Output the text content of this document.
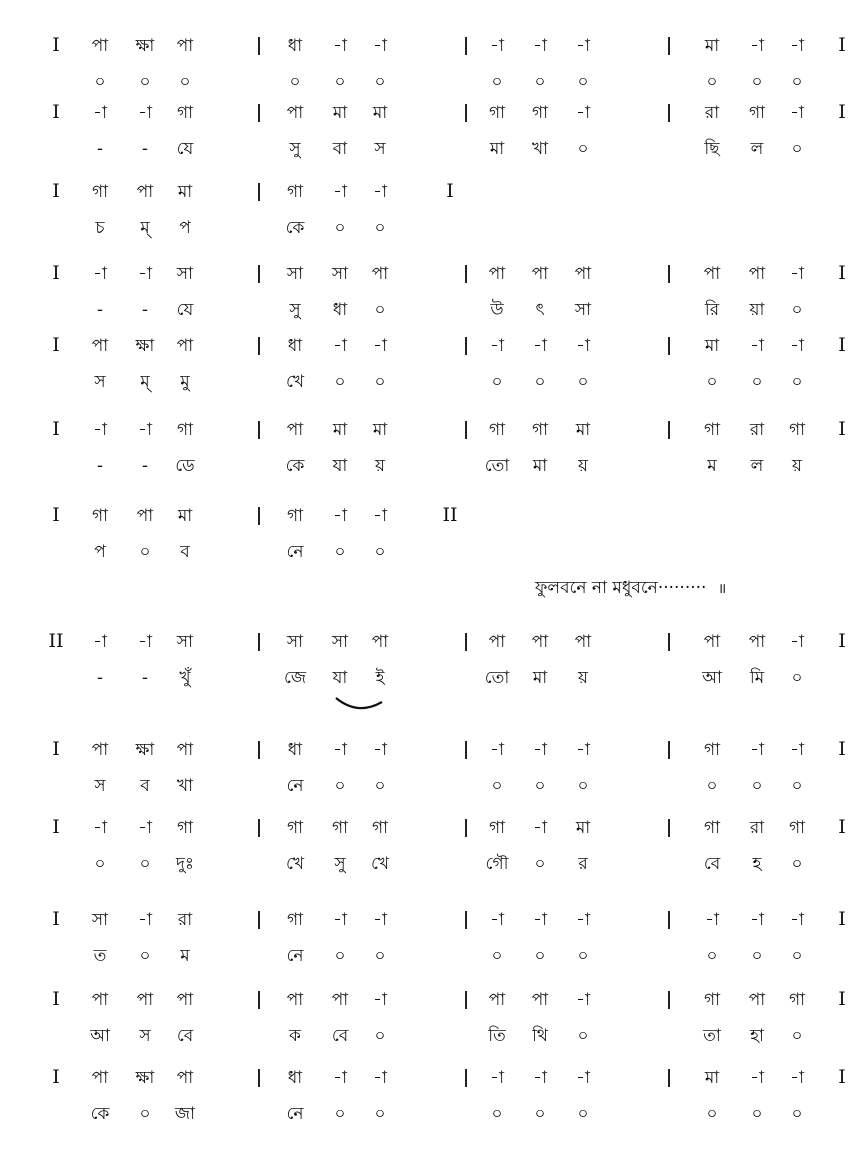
I	I
পা ক্ষা পা	ধা -া -া	-া -া -া	মা -া -া
০ ০ ০	০ ০ ০	০ ০ ০	০ ০ ০
I	I
-া -া গা	পা মা মা	গা গা -া	রা গা -া
- - যে	সু বা স	মা খা ০	ছি ল ০
I	I
গা পা মা	গা -া -া
চ ম্ প	কে ০ ০
I	I
-া -া সা	সা সা পা	পা পা পা	পা পা -া
- - যে	সু ধা ০	উ ৎ সা	রি য়া ০
I	I
পা ক্ষা পা	ধা -া -া	-া -া -া	মা -া -া
স ম্ মু	খে ০ ০	০ ০ ০	০ ০ ০
I	I
-া -া গা	পা মা মা	গা গা মা	গা রা গা
- - ডে	কে যা য়	তো মা য়	ম ল য়
I	II
গা পা মা	গা -া -া
প ০ ব	নে ০ ০
II	I
-া -া সা	সা সা পা	পা পা পা	পা পা -া
- - খুঁ	জে যা ই	তো মা য়	আ মি ০
I	I
পা ক্ষা পা	ধা -া -া	-া -া -া	গা -া -া
স ব খা	নে ০ ০	০ ০ ০	০ ০ ০
I	I
-া -া গা	গা গা গা	গা -া মা	গা রা গা
০ ০ দুঃ	খে সু খে	গৌ ০ র	বে হ ০
I	I
সা -া রা	গা -া -া	-া -া -া	-া -া -া
ত ০ ম	নে ০ ০	০ ০ ০	০ ০ ০
I	I
পা পা পা	পা পা -া	পা পা -া	গা পা গা
আ স বে	ক বে ০	তি থি ০	তা হা ০
I	I
পা ক্ষা পা	ধা -া -া	-া -া -া	মা -া -া
কে ০ জা	নে ০ ০	০ ০ ০	০ ০ ০
ফুলবনে না মধুবনে········· ॥
